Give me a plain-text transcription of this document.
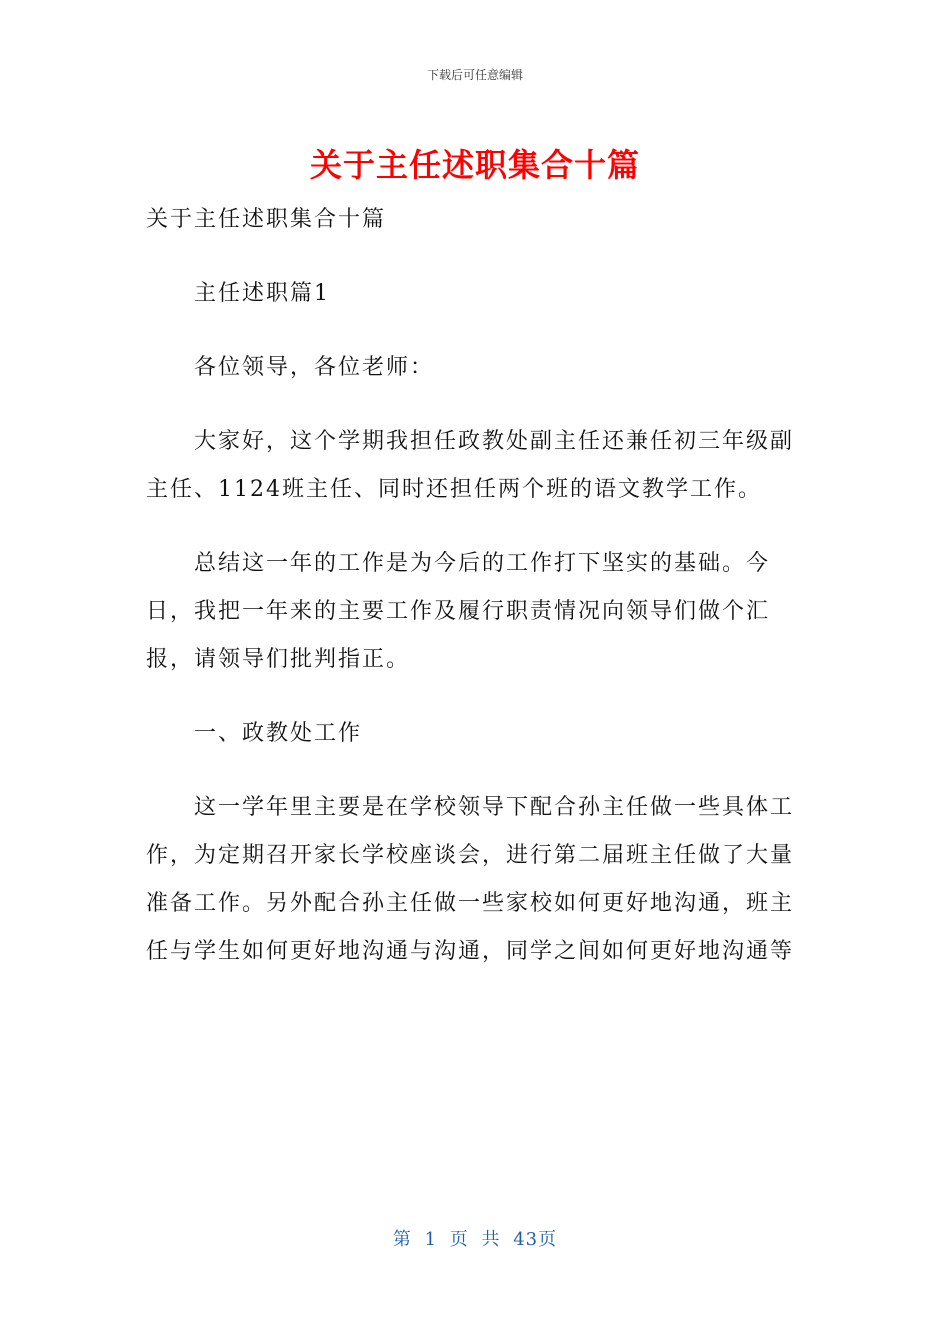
下载后可任意编辑
关于主任述职集合十篇

关于主任述职集合十篇

主任述职篇1

各位领导，各位老师：

大家好，这个学期我担任政教处副主任还兼任初三年级副主任、1124班主任、同时还担任两个班的语文教学工作。

总结这一年的工作是为今后的工作打下坚实的基础。今日，我把一年来的主要工作及履行职责情况向领导们做个汇报，请领导们批判指正。

一、政教处工作

这一学年里主要是在学校领导下配合孙主任做一些具体工作，为定期召开家长学校座谈会，进行第二届班主任做了大量准备工作。另外配合孙主任做一些家校如何更好地沟通，班主任与学生如何更好地沟通与沟通，同学之间如何更好地沟通等

第 1 页 共 43页
